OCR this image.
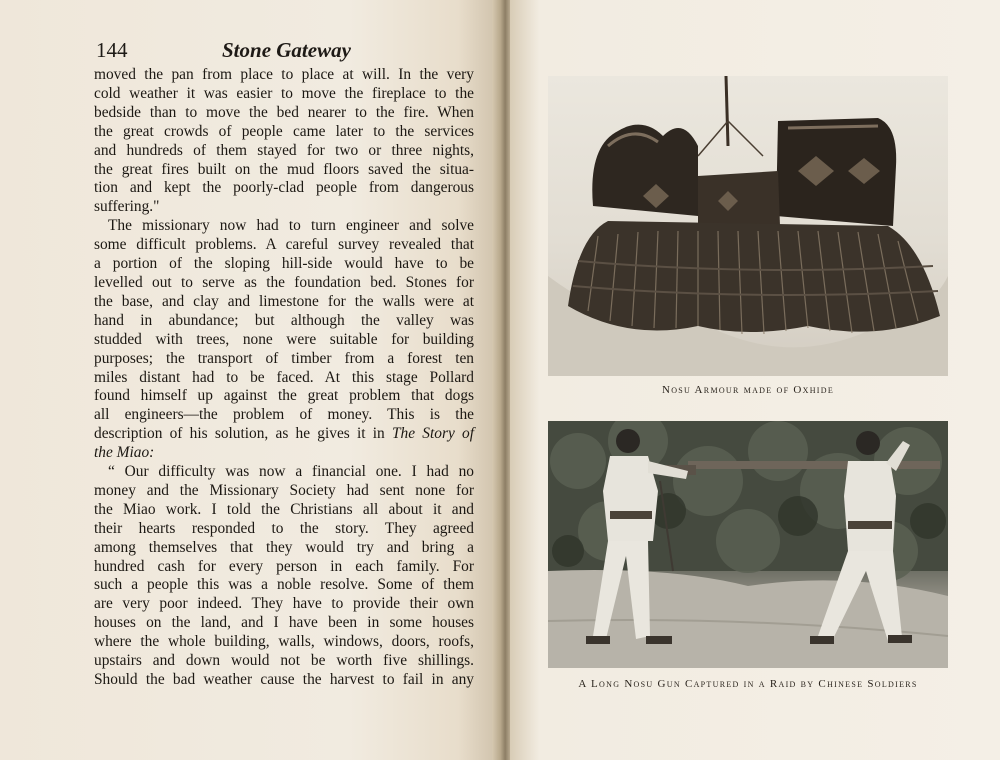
144	Stone Gateway
moved the pan from place to place at will. In the very
cold weather it was easier to move the fireplace to the
bedside than to move the bed nearer to the fire. When
the great crowds of people came later to the services
and hundreds of them stayed for two or three nights,
the great fires built on the mud floors saved the situa-
tion and kept the poorly-clad people from dangerous
suffering."
The missionary now had to turn engineer and solve
some difficult problems. A careful survey revealed that
a portion of the sloping hill-side would have to be
levelled out to serve as the foundation bed. Stones for
the base, and clay and limestone for the walls were at
hand in abundance; but although the valley was
studded with trees, none were suitable for building
purposes; the transport of timber from a forest ten
miles distant had to be faced. At this stage Pollard
found himself up against the great problem that dogs
all engineers—the problem of money. This is the
description of his solution, as he gives it in The Story of
the Miao:
“ Our difficulty was now a financial one. I had no
money and the Missionary Society had sent none for
the Miao work. I told the Christians all about it and
their hearts responded to the story. They agreed
among themselves that they would try and bring a
hundred cash for every person in each family. For
such a people this was a noble resolve. Some of them
are very poor indeed. They have to provide their own
houses on the land, and I have been in some houses
where the whole building, walls, windows, doors, roofs,
upstairs and down would not be worth five shillings.
Should the bad weather cause the harvest to fail in any
Nosu Armour made of Oxhide
A Long Nosu Gun Captured in a Raid by Chinese Soldiers
